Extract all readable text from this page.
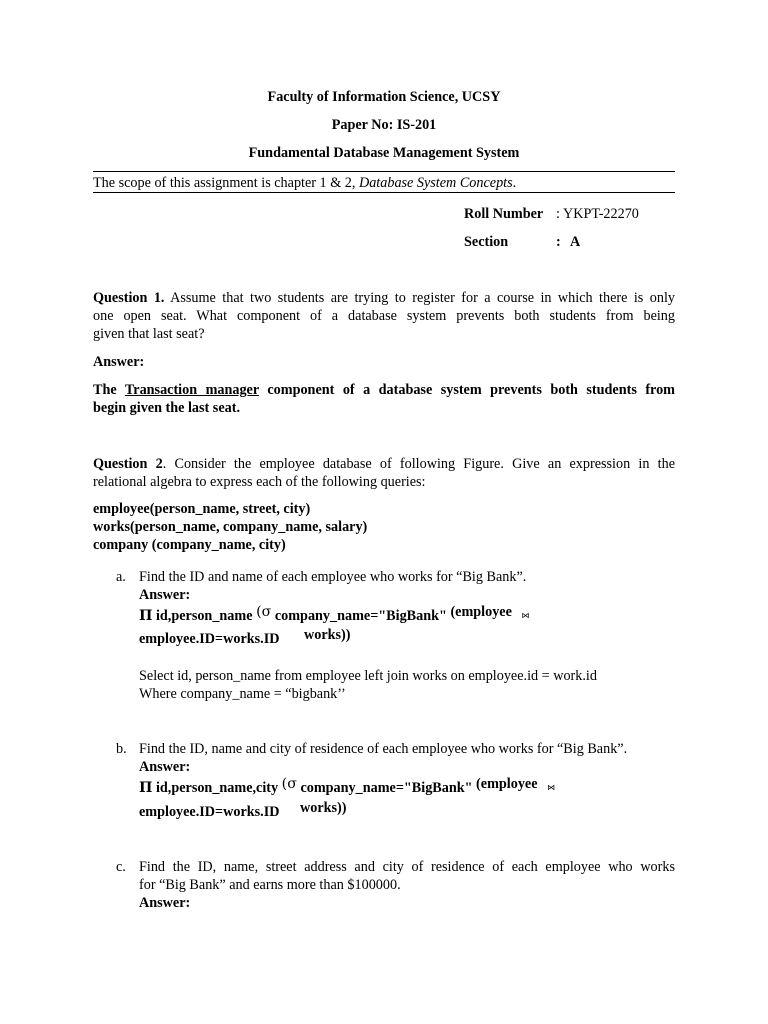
Faculty of Information Science, UCSY
Paper No: IS-201
Fundamental Database Management System
The scope of this assignment is chapter 1 & 2, Database System Concepts.
Roll Number : YKPT-22270
Section	: A
Question 1. Assume that two students are trying to register for a course in which there is only
one open seat. What component of a database system prevents both students from being
given that last seat?
Answer:
The Transaction manager component of a database system prevents both students from
begin given the last seat.
Question 2. Consider the employee database of following Figure. Give an expression in the
relational algebra to express each of the following queries:
employee(person_name, street, city)
works(person_name, company_name, salary)
company (company_name, city)
a. Find the ID and name of each employee who works for “Big Bank”.
Answer:
Π id,person_name (σ company_name="BigBank" (employee ⋈
employee.ID=works.ID works))
Select id, person_name from employee left join works on employee.id = work.id
Where company_name = “bigbank’’
b. Find the ID, name and city of residence of each employee who works for “Big Bank”.
Answer:
Π id,person_name,city (σ company_name="BigBank" (employee ⋈
employee.ID=works.ID works))
c. Find the ID, name, street address and city of residence of each employee who works
for “Big Bank” and earns more than $100000.
Answer:
